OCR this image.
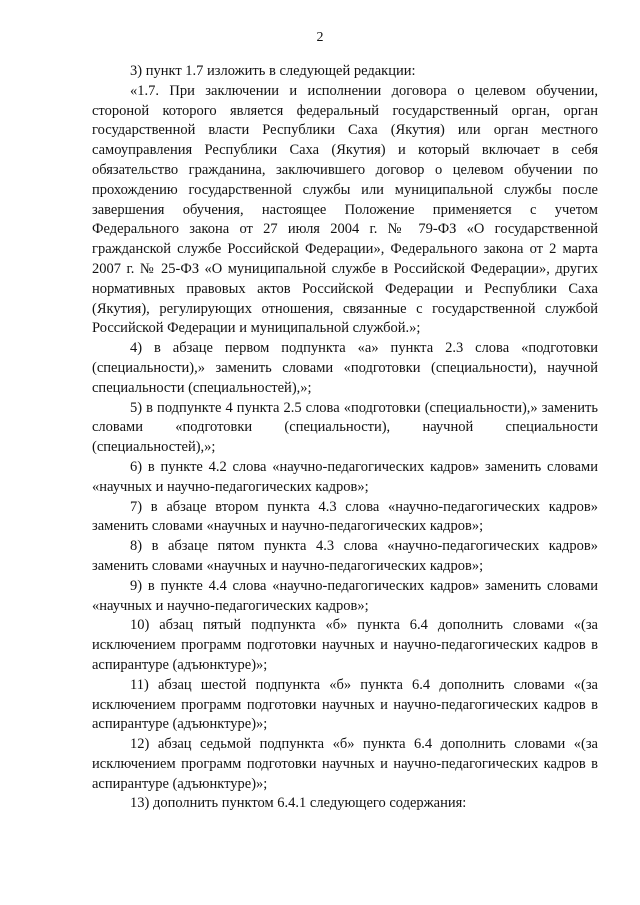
2

3) пункт 1.7 изложить в следующей редакции:

«1.7. При заключении и исполнении договора о целевом обучении, стороной которого является федеральный государственный орган, орган государственной власти Республики Саха (Якутия) или орган местного самоуправления Республики Саха (Якутия) и который включает в себя обязательство гражданина, заключившего договор о целевом обучении по прохождению государственной службы или муниципальной службы после завершения обучения, настоящее Положение применяется с учетом Федерального закона от 27 июля 2004 г. № 79-ФЗ «О государственной гражданской службе Российской Федерации», Федерального закона от 2 марта 2007 г. № 25-ФЗ «О муниципальной службе в Российской Федерации», других нормативных правовых актов Российской Федерации и Республики Саха (Якутия), регулирующих отношения, связанные с государственной службой Российской Федерации и муниципальной службой.»;

4) в абзаце первом подпункта «а» пункта 2.3 слова «подготовки (специальности),» заменить словами «подготовки (специальности), научной специальности (специальностей),»;

5) в подпункте 4 пункта 2.5 слова «подготовки (специальности),» заменить словами «подготовки (специальности), научной специальности (специальностей),»;

6) в пункте 4.2 слова «научно-педагогических кадров» заменить словами «научных и научно-педагогических кадров»;

7) в абзаце втором пункта 4.3 слова «научно-педагогических кадров» заменить словами «научных и научно-педагогических кадров»;

8) в абзаце пятом пункта 4.3 слова «научно-педагогических кадров» заменить словами «научных и научно-педагогических кадров»;

9) в пункте 4.4 слова «научно-педагогических кадров» заменить словами «научных и научно-педагогических кадров»;

10) абзац пятый подпункта «б» пункта 6.4 дополнить словами «(за исключением программ подготовки научных и научно-педагогических кадров в аспирантуре (адъюнктуре)»;

11) абзац шестой подпункта «б» пункта 6.4 дополнить словами «(за исключением программ подготовки научных и научно-педагогических кадров в аспирантуре (адъюнктуре)»;

12) абзац седьмой подпункта «б» пункта 6.4 дополнить словами «(за исключением программ подготовки научных и научно-педагогических кадров в аспирантуре (адъюнктуре)»;

13) дополнить пунктом 6.4.1 следующего содержания:
